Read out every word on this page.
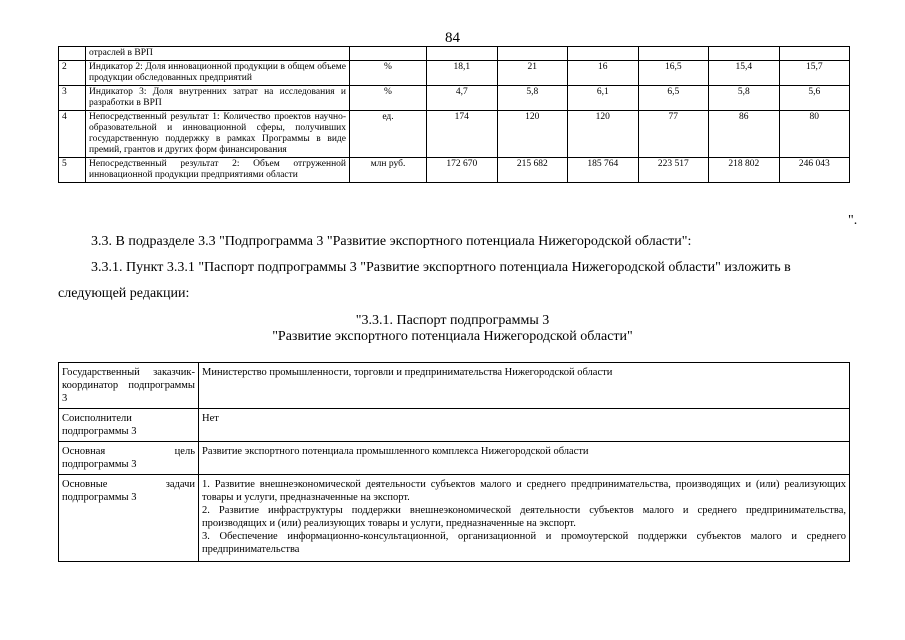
84
	отраслей в ВРП							
2	Индикатор 2: Доля инновационной продукции в общем объеме продукции обследованных предприятий	%	18,1	21	16	16,5	15,4	15,7
3	Индикатор 3: Доля внутренних затрат на исследования и разработки в ВРП	%	4,7	5,8	6,1	6,5	5,8	5,6
4	Непосредственный результат 1: Количество проектов научно-образовательной и инновационной сферы, получивших государственную поддержку в рамках Программы в виде премий, грантов и других форм финансирования	ед.	174	120	120	77	86	80
5	Непосредственный результат 2: Объем отгруженной инновационной продукции предприятиями области	млн руб.	172 670	215 682	185 764	223 517	218 802	246 043
".
3.3. В подразделе 3.3 "Подпрограмма 3 "Развитие экспортного потенциала Нижегородской области":
3.3.1. Пункт 3.3.1 "Паспорт подпрограммы 3 "Развитие экспортного потенциала Нижегородской области" изложить в
следующей редакции:
"3.3.1. Паспорт подпрограммы 3
"Развитие экспортного потенциала Нижегородской области"
Государственный заказчик-координатор подпрограммы 3	Министерство промышленности, торговли и предпринимательства Нижегородской области
Соисполнители подпрограммы 3	Нет
Основная цель подпрограммы 3	Развитие экспортного потенциала промышленного комплекса Нижегородской области
Основные задачи подпрограммы 3	1. Развитие внешнеэкономической деятельности субъектов малого и среднего предпринимательства, производящих и (или) реализующих товары и услуги, предназначенные на экспорт.
2. Развитие инфраструктуры поддержки внешнеэкономической деятельности субъектов малого и среднего предпринимательства, производящих и (или) реализующих товары и услуги, предназначенные на экспорт.
3. Обеспечение информационно-консультационной, организационной и промоутерской поддержки субъектов малого и среднего предпринимательства
